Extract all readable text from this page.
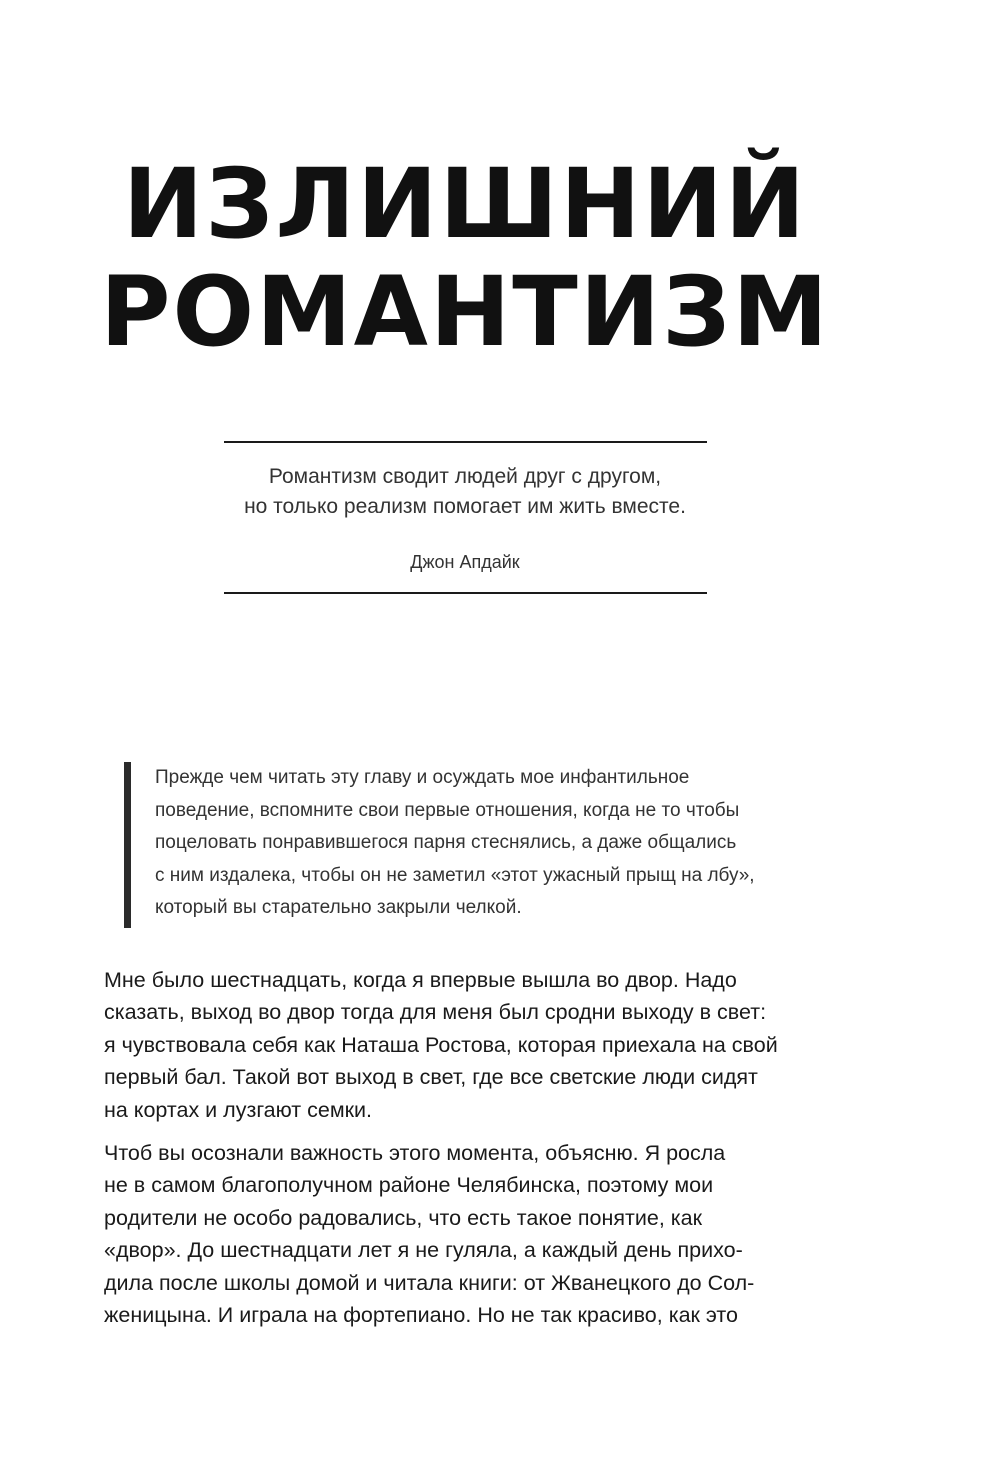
ИЗЛИШНИЙ
РОМАНТИЗМ
Романтизм сводит людей друг с другом,
но только реализм помогает им жить вместе.
Джон Апдайк
Прежде чем читать эту главу и осуждать мое инфантильное
поведение, вспомните свои первые отношения, когда не то чтобы
поцеловать понравившегося парня стеснялись, а даже общались
с ним издалека, чтобы он не заметил «этот ужасный прыщ на лбу»,
который вы старательно закрыли челкой.
Мне было шестнадцать, когда я впервые вышла во двор. Надо
сказать, выход во двор тогда для меня был сродни выходу в свет:
я чувствовала себя как Наташа Ростова, которая приехала на свой
первый бал. Такой вот выход в свет, где все светские люди сидят
на кортах и лузгают семки.
Чтоб вы осознали важность этого момента, объясню. Я росла
не в самом благополучном районе Челябинска, поэтому мои
родители не особо радовались, что есть такое понятие, как
«двор». До шестнадцати лет я не гуляла, а каждый день прихо-
дила после школы домой и читала книги: от Жванецкого до Сол-
женицына. И играла на фортепиано. Но не так красиво, как это
